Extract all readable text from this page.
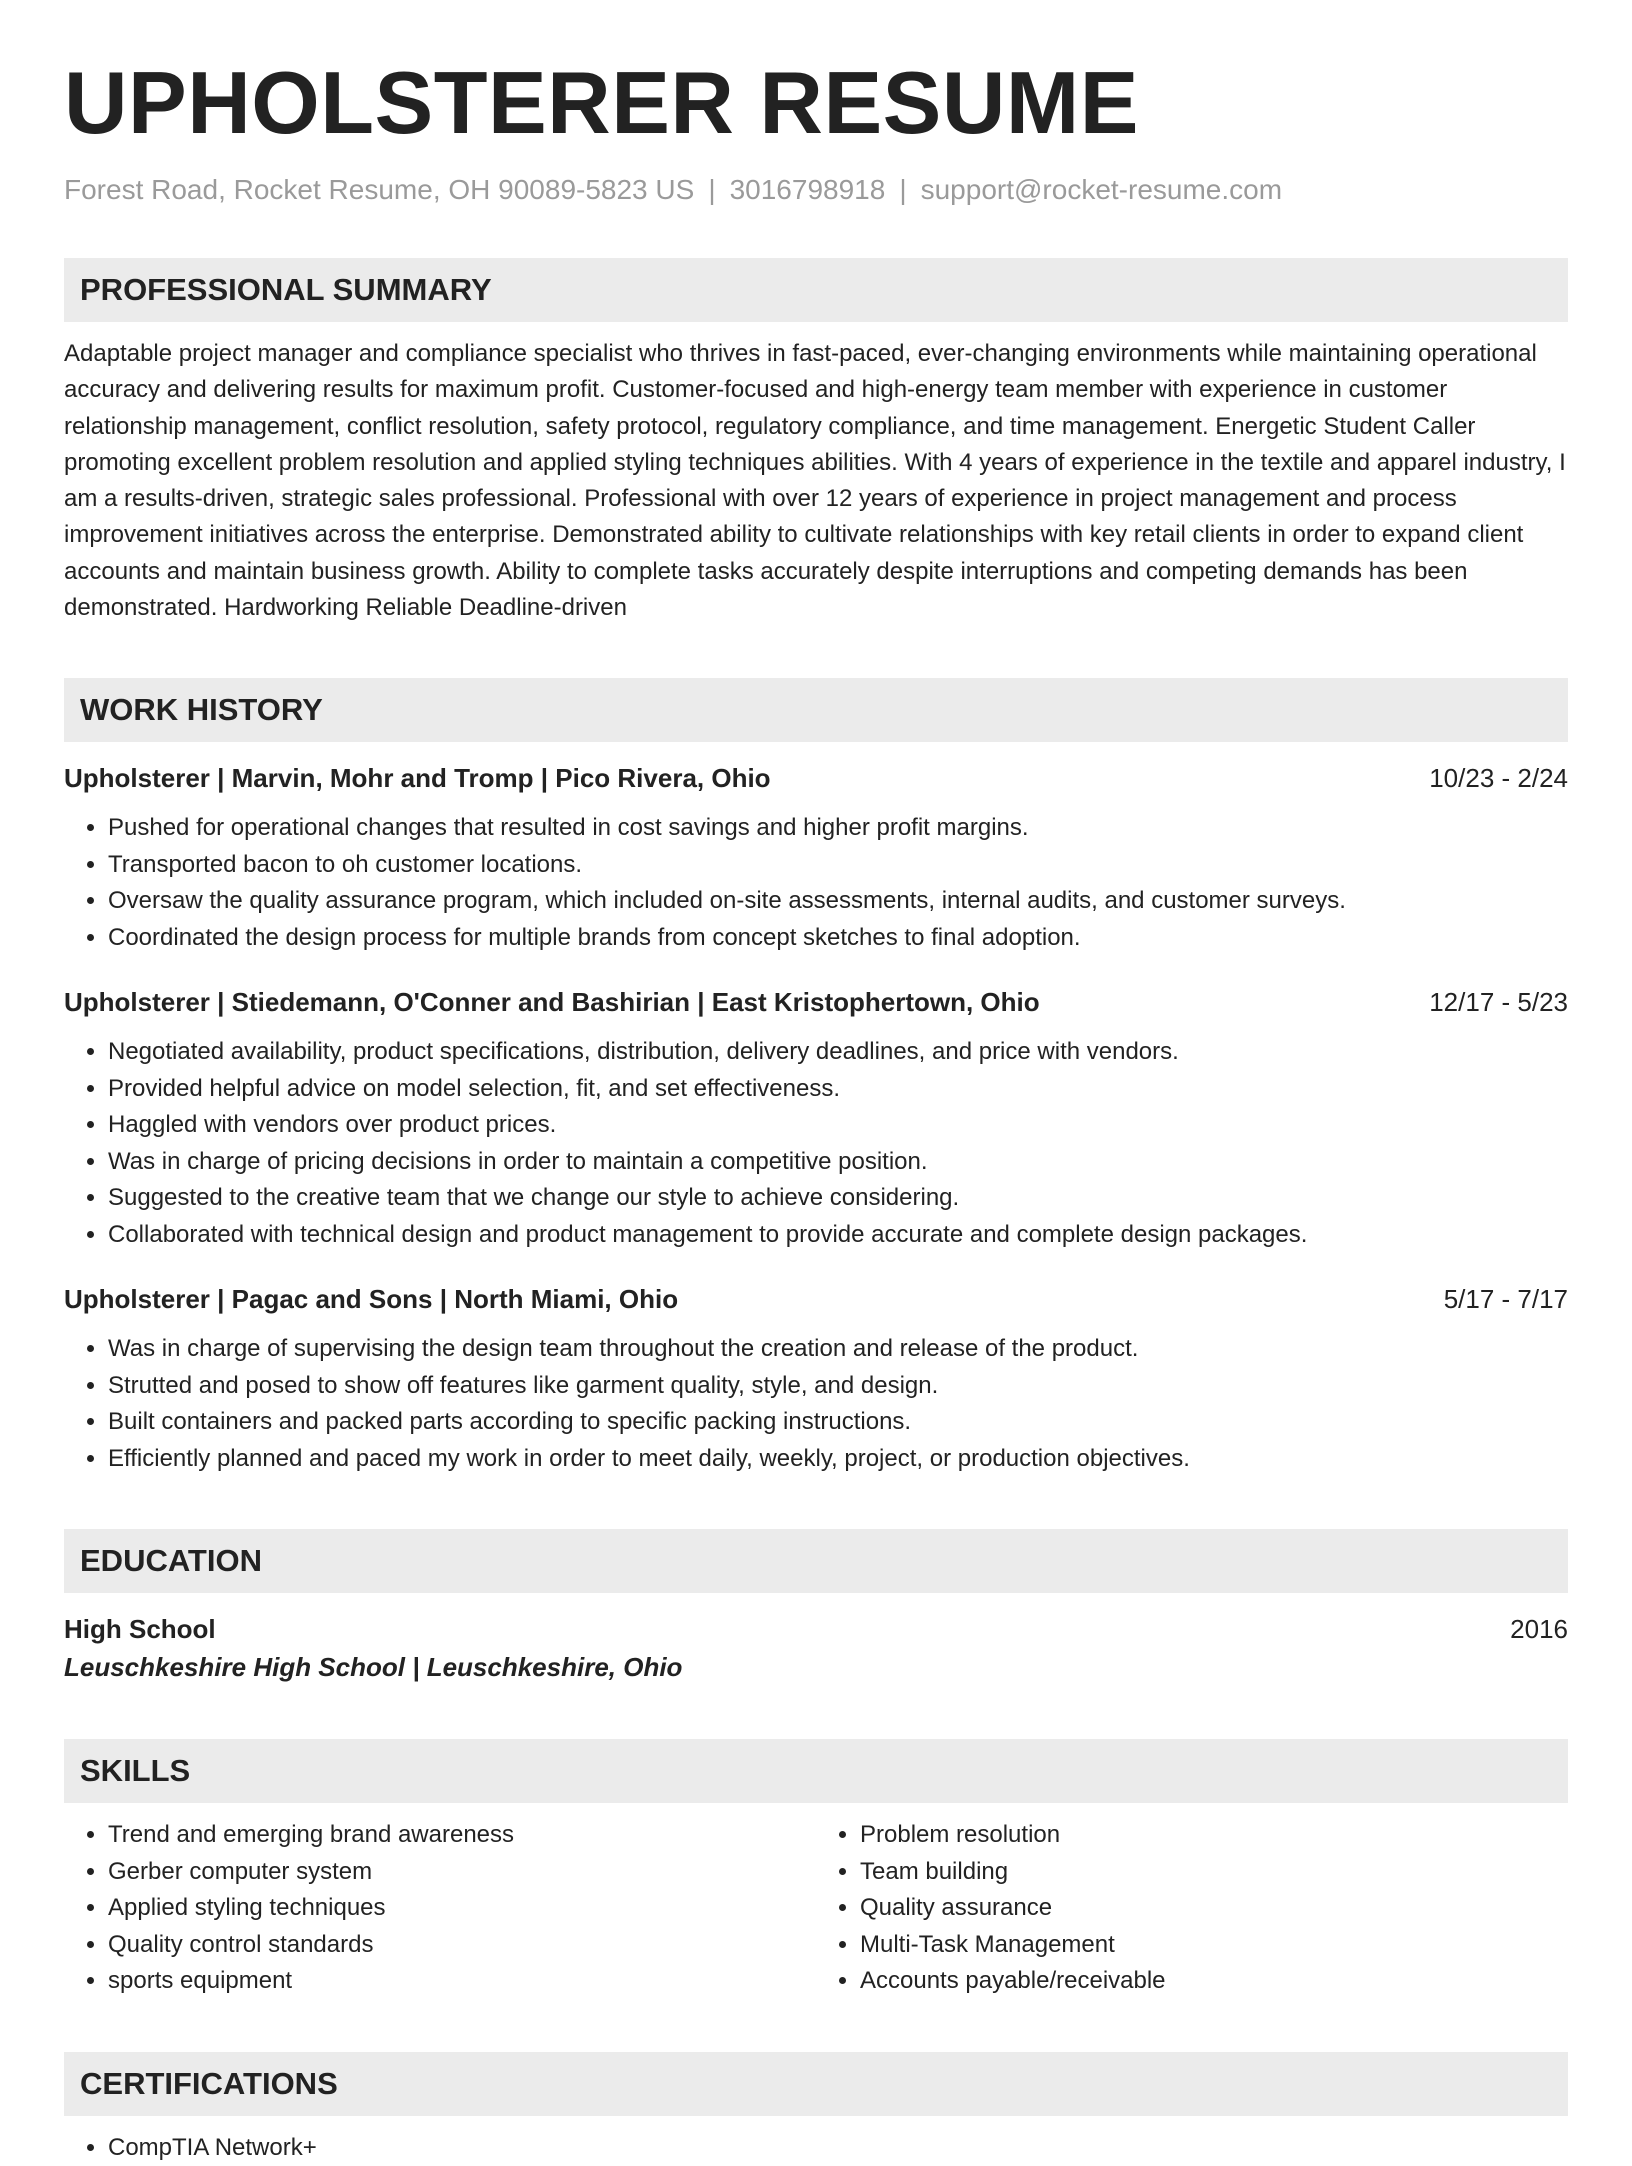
UPHOLSTERER RESUME
Forest Road, Rocket Resume, OH 90089-5823 US | 3016798918 | support@rocket-resume.com
PROFESSIONAL SUMMARY
Adaptable project manager and compliance specialist who thrives in fast-paced, ever-changing environments while maintaining operational accuracy and delivering results for maximum profit. Customer-focused and high-energy team member with experience in customer relationship management, conflict resolution, safety protocol, regulatory compliance, and time management. Energetic Student Caller promoting excellent problem resolution and applied styling techniques abilities. With 4 years of experience in the textile and apparel industry, I am a results-driven, strategic sales professional. Professional with over 12 years of experience in project management and process improvement initiatives across the enterprise. Demonstrated ability to cultivate relationships with key retail clients in order to expand client accounts and maintain business growth. Ability to complete tasks accurately despite interruptions and competing demands has been demonstrated. Hardworking Reliable Deadline-driven
WORK HISTORY
Upholsterer | Marvin, Mohr and Tromp | Pico Rivera, Ohio	10/23 - 2/24
• Pushed for operational changes that resulted in cost savings and higher profit margins.
• Transported bacon to oh customer locations.
• Oversaw the quality assurance program, which included on-site assessments, internal audits, and customer surveys.
• Coordinated the design process for multiple brands from concept sketches to final adoption.
Upholsterer | Stiedemann, O'Conner and Bashirian | East Kristophertown, Ohio	12/17 - 5/23
• Negotiated availability, product specifications, distribution, delivery deadlines, and price with vendors.
• Provided helpful advice on model selection, fit, and set effectiveness.
• Haggled with vendors over product prices.
• Was in charge of pricing decisions in order to maintain a competitive position.
• Suggested to the creative team that we change our style to achieve considering.
• Collaborated with technical design and product management to provide accurate and complete design packages.
Upholsterer | Pagac and Sons | North Miami, Ohio	5/17 - 7/17
• Was in charge of supervising the design team throughout the creation and release of the product.
• Strutted and posed to show off features like garment quality, style, and design.
• Built containers and packed parts according to specific packing instructions.
• Efficiently planned and paced my work in order to meet daily, weekly, project, or production objectives.
EDUCATION
High School	2016
Leuschkeshire High School | Leuschkeshire, Ohio
SKILLS
• Trend and emerging brand awareness
• Gerber computer system
• Applied styling techniques
• Quality control standards
• sports equipment
• Problem resolution
• Team building
• Quality assurance
• Multi-Task Management
• Accounts payable/receivable
CERTIFICATIONS
• CompTIA Network+
